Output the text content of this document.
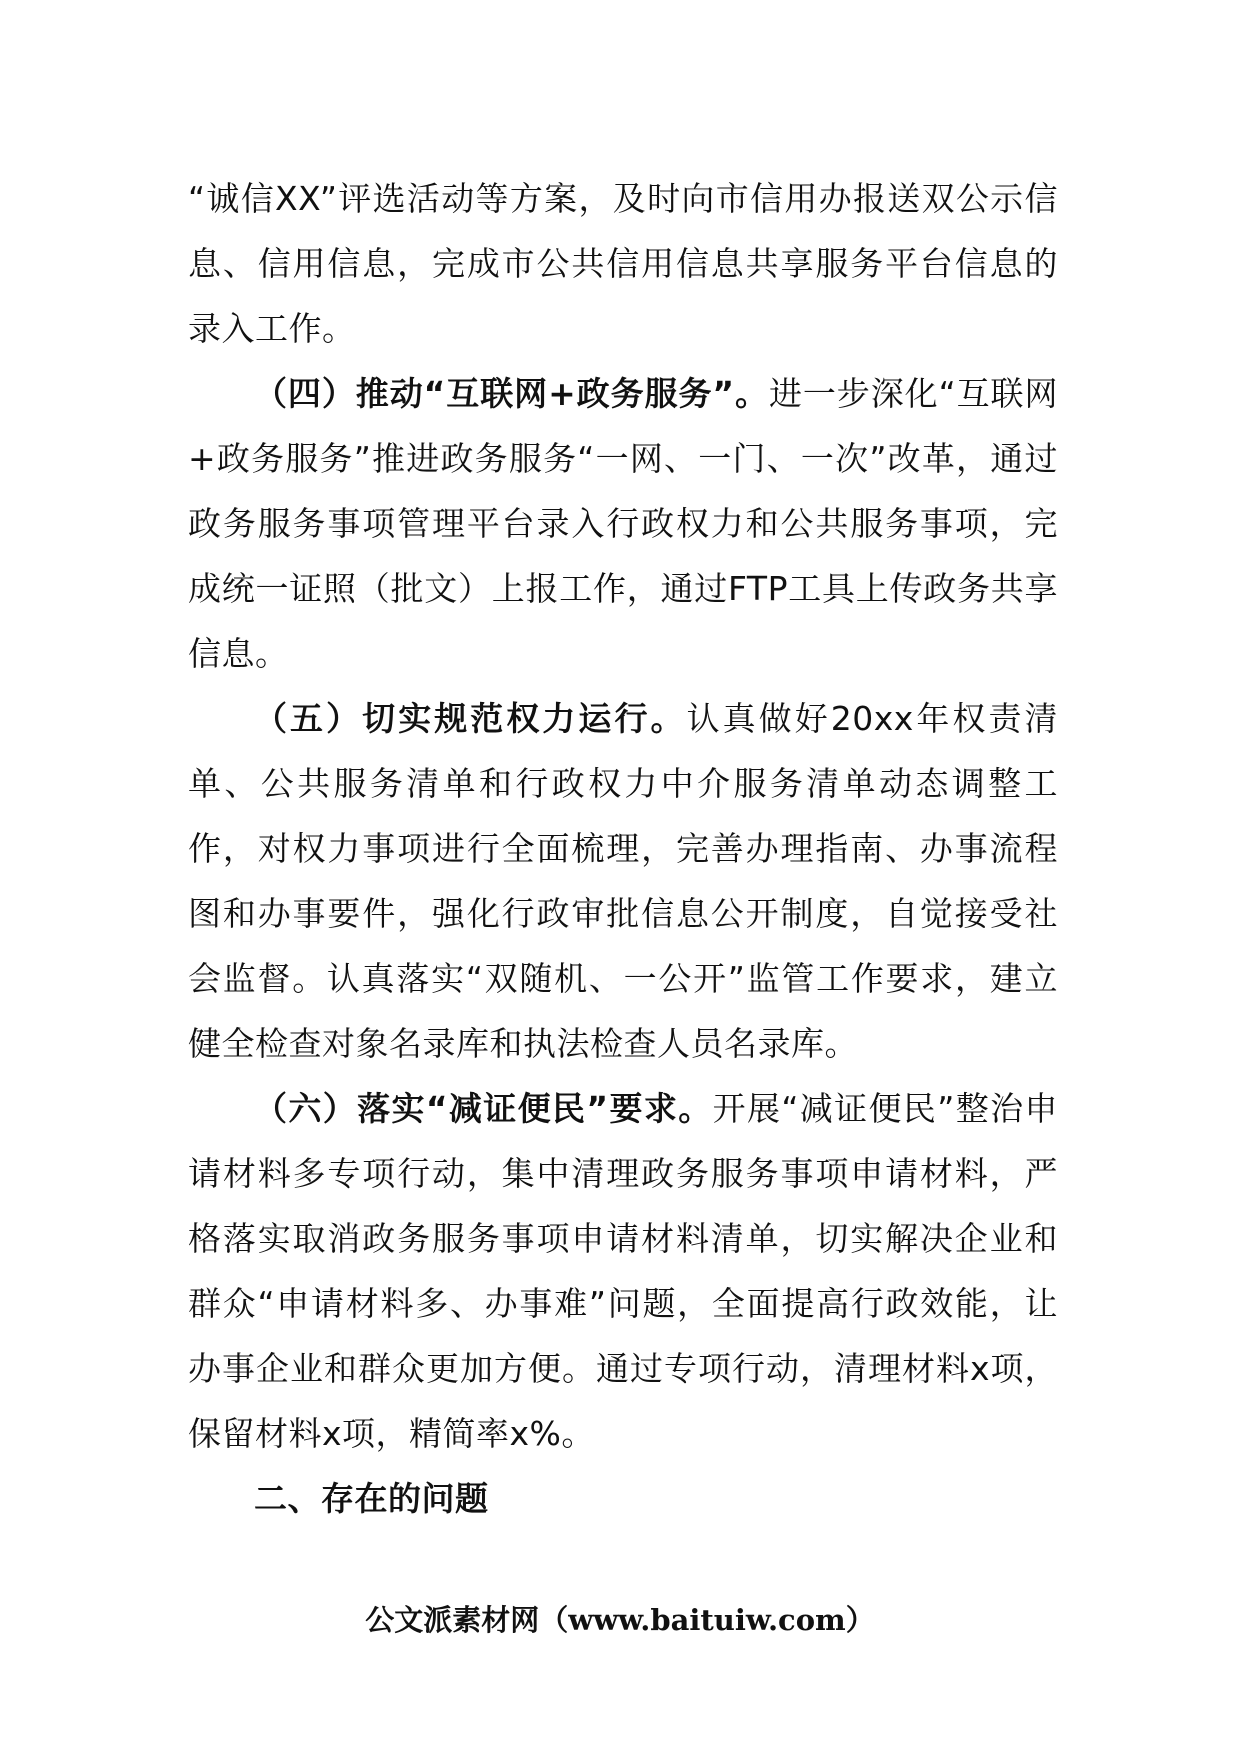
“诚信XX”评选活动等方案，及时向市信用办报送双公示信息、信用信息，完成市公共信用信息共享服务平台信息的录入工作。

（四）推动“互联网+政务服务”。进一步深化“互联网+政务服务”推进政务服务“一网、一门、一次”改革，通过政务服务事项管理平台录入行政权力和公共服务事项，完成统一证照（批文）上报工作，通过FTP工具上传政务共享信息。

（五）切实规范权力运行。认真做好20xx年权责清单、公共服务清单和行政权力中介服务清单动态调整工作，对权力事项进行全面梳理，完善办理指南、办事流程图和办事要件，强化行政审批信息公开制度，自觉接受社会监督。认真落实“双随机、一公开”监管工作要求，建立健全检查对象名录库和执法检查人员名录库。

（六）落实“减证便民”要求。开展“减证便民”整治申请材料多专项行动，集中清理政务服务事项申请材料，严格落实取消政务服务事项申请材料清单，切实解决企业和群众“申请材料多、办事难”问题，全面提高行政效能，让办事企业和群众更加方便。通过专项行动，清理材料x项，保留材料x项，精简率x%。

二、存在的问题

公文派素材网（www.baituiw.com）
